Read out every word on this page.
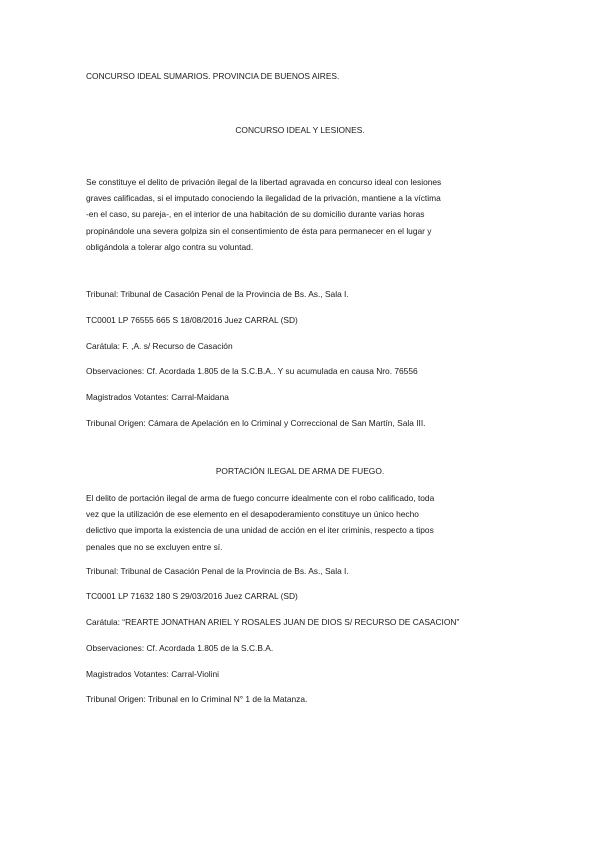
CONCURSO IDEAL SUMARIOS. PROVINCIA DE BUENOS AIRES.
CONCURSO IDEAL Y LESIONES.

Se constituye el delito de privación ilegal de la libertad agravada en concurso ideal con lesiones

graves calificadas, si el imputado conociendo la ilegalidad de la privación, mantiene a la víctima

-en el caso, su pareja-, en el interior de una habitación de su domicilio durante varias horas

propinándole una severa golpiza sin el consentimiento de ésta para permanecer en el lugar y

obligándola a tolerar algo contra su voluntad.

Tribunal: Tribunal de Casación Penal de la Provincia de Bs. As., Sala I.
TC0001 LP 76555 665 S 18/08/2016 Juez CARRAL (SD)
Carátula: F. ,A. s/ Recurso de Casación
Observaciones: Cf. Acordada 1.805 de la S.C.B.A.. Y su acumulada en causa Nro. 76556
Magistrados Votantes: Carral-Maidana
Tribunal Origen: Cámara de Apelación en lo Criminal y Correccional de San Martín, Sala III.
PORTACIÓN ILEGAL DE ARMA DE FUEGO.

El delito de portación ilegal de arma de fuego concurre idealmente con el robo calificado, toda

vez que la utilización de ese elemento en el desapoderamiento constituye un único hecho

delictivo que importa la existencia de una unidad de acción en el iter criminis, respecto a tipos

penales que no se excluyen entre sí.

Tribunal: Tribunal de Casación Penal de la Provincia de Bs. As., Sala I.
TC0001 LP 71632 180 S 29/03/2016 Juez CARRAL (SD)
Carátula: “REARTE JONATHAN ARIEL Y ROSALES JUAN DE DIOS S/ RECURSO DE CASACION”
Observaciones: Cf. Acordada 1.805 de la S.C.B.A.
Magistrados Votantes: Carral-Violini
Tribunal Origen: Tribunal en lo Criminal N° 1 de la Matanza.
